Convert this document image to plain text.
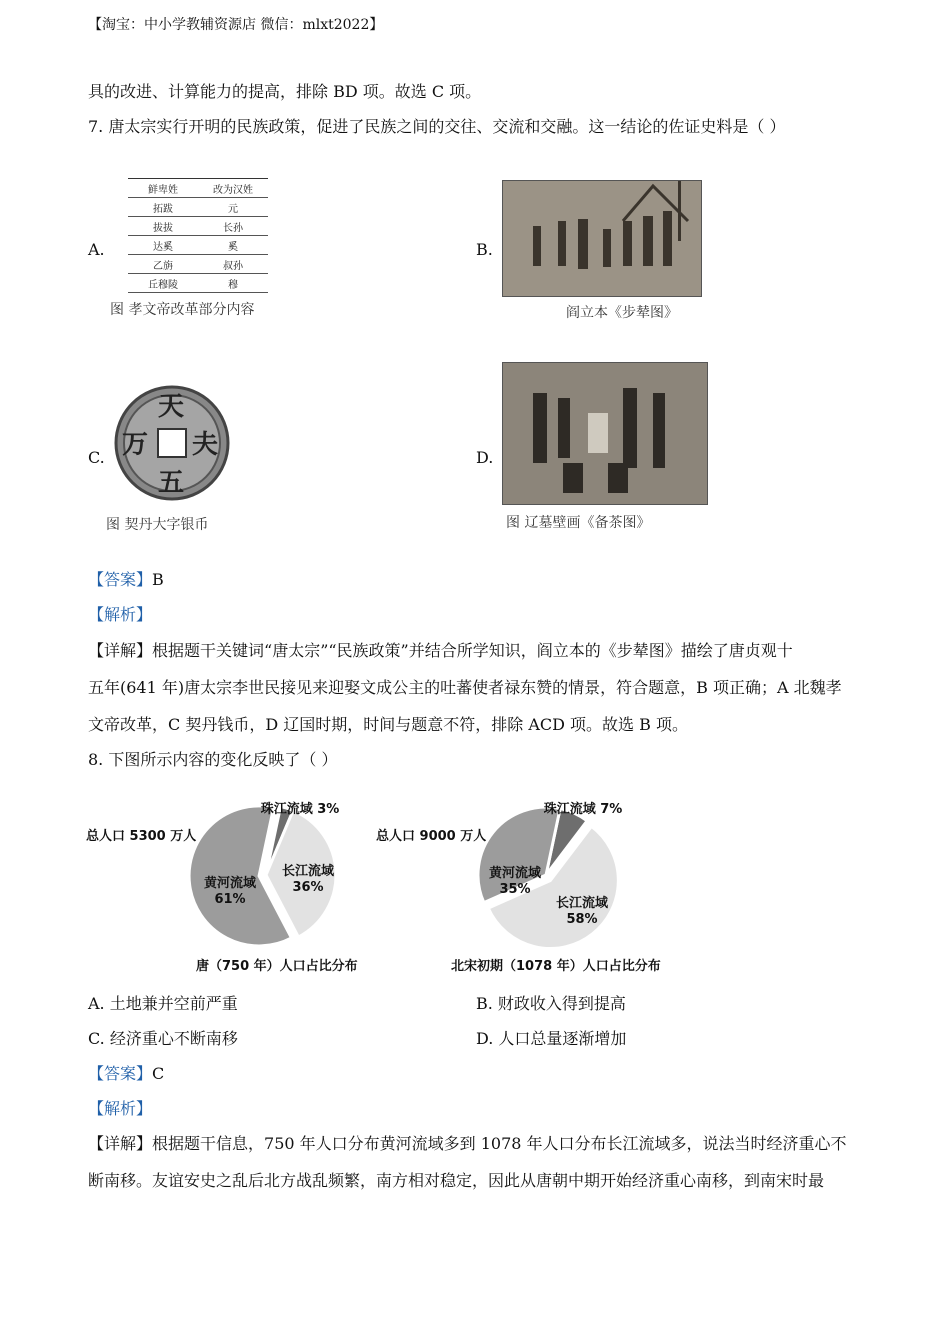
【淘宝：中小学教辅资源店 微信：mlxt2022】
具的改进、计算能力的提高，排除 BD 项。故选 C 项。
7. 唐太宗实行开明的民族政策，促进了民族之间的交往、交流和交融。这一结论的佐证史料是（ ）
A.
鲜卑姓	改为汉姓
拓跋	元
拔拔	长孙
达奚	奚
乙旃	叔孙
丘穆陵	穆
图 孝文帝改革部分内容
B.
阎立本《步辇图》
C.
天
万 夫
五
图 契丹大字银币
D.
图 辽墓壁画《备茶图》
【答案】B
【解析】
【详解】根据题干关键词“唐太宗”“民族政策”并结合所学知识，阎立本的《步辇图》描绘了唐贞观十
五年(641 年)唐太宗李世民接见来迎娶文成公主的吐蕃使者禄东赞的情景，符合题意，B 项正确；A 北魏孝
文帝改革，C 契丹钱币，D 辽国时期，时间与题意不符，排除 ACD 项。故选 B 项。
8. 下图所示内容的变化反映了（ ）
珠江流域 3%
长江流域 36%
黄河流域 61%
总人口 5300 万人
唐（750 年）人口占比分布
珠江流域 7%
长江流域 58%
黄河流域 35%
总人口 9000 万人
北宋初期（1078 年）人口占比分布
A. 土地兼并空前严重	B. 财政收入得到提高
C. 经济重心不断南移	D. 人口总量逐渐增加
【答案】C
【解析】
【详解】根据题干信息，750 年人口分布黄河流域多到 1078 年人口分布长江流域多，说法当时经济重心不
断南移。友谊安史之乱后北方战乱频繁，南方相对稳定，因此从唐朝中期开始经济重心南移，到南宋时最
